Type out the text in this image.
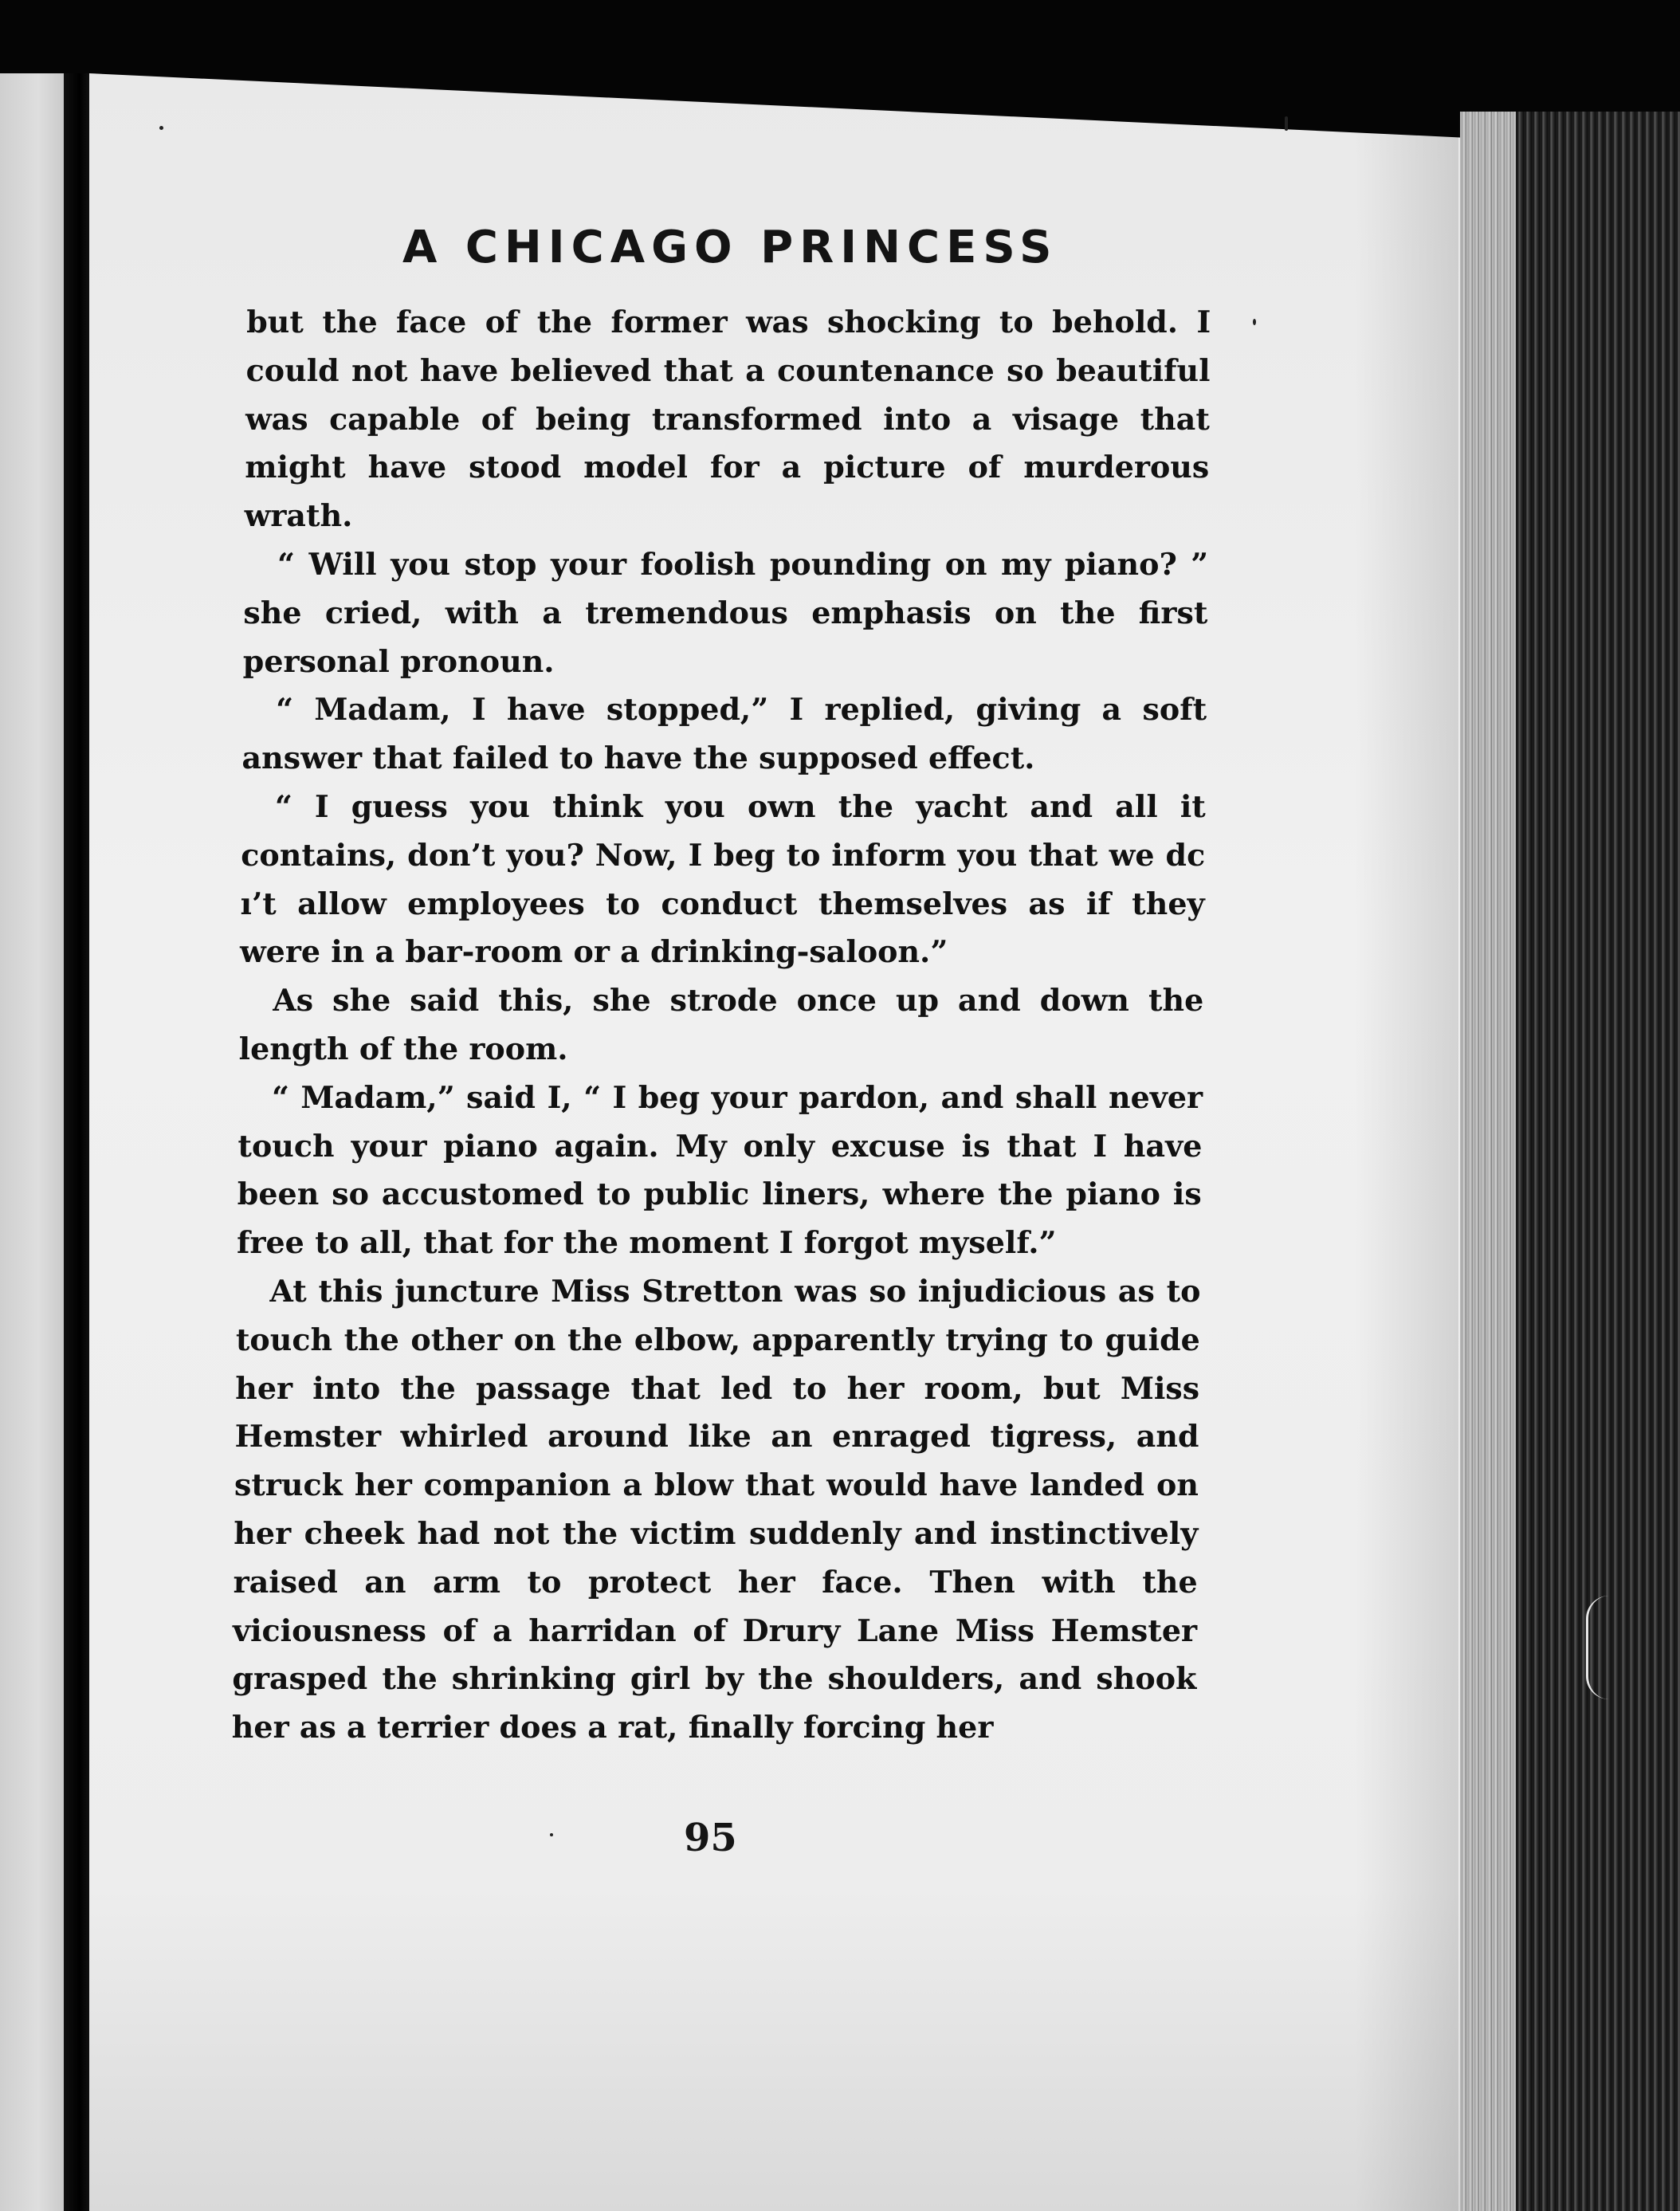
A CHICAGO PRINCESS

but the face of the former was shocking to behold. I could not have believed that a countenance so beautiful was capable of being transformed into a visage that might have stood model for a picture of murderous wrath.

“ Will you stop your foolish pounding on my piano? ” she cried, with a tremendous emphasis on the first personal pronoun.

“ Madam, I have stopped,” I replied, giving a soft answer that failed to have the supposed effect.

“ I guess you think you own the yacht and all it contains, don’t you? Now, I beg to inform you that we dc ı’t allow employees to conduct themselves as if they were in a bar-room or a drinking-saloon.”

As she said this, she strode once up and down the length of the room.

“ Madam,” said I, “ I beg your pardon, and shall never touch your piano again. My only excuse is that I have been so accustomed to public liners, where the piano is free to all, that for the moment I forgot myself.”

At this juncture Miss Stretton was so injudicious as to touch the other on the elbow, apparently trying to guide her into the passage that led to her room, but Miss Hemster whirled around like an enraged tigress, and struck her companion a blow that would have landed on her cheek had not the victim suddenly and instinctively raised an arm to protect her face. Then with the viciousness of a harridan of Drury Lane Miss Hemster grasped the shrinking girl by the shoulders, and shook her as a terrier does a rat, finally forcing her

95
